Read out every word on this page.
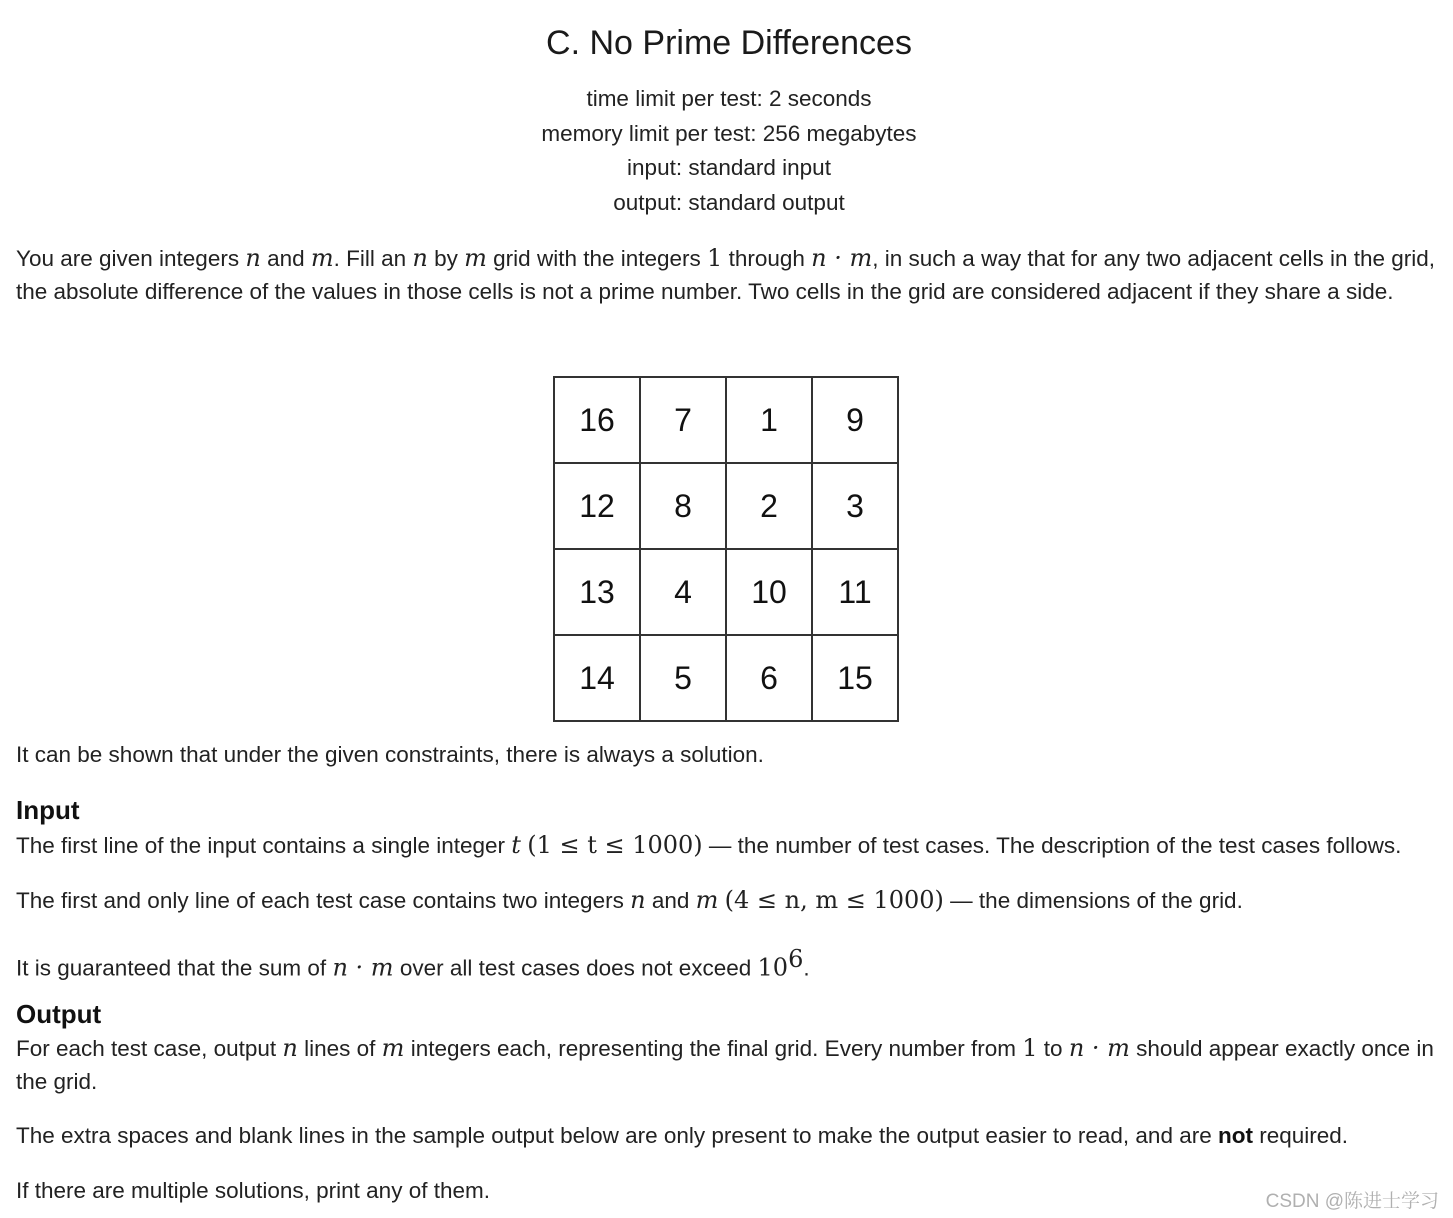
C. No Prime Differences
time limit per test: 2 seconds
memory limit per test: 256 megabytes
input: standard input
output: standard output
You are given integers n and m. Fill an n by m grid with the integers 1 through n · m, in such a way that for any two adjacent cells in the grid, the absolute difference of the values in those cells is not a prime number. Two cells in the grid are considered adjacent if they share a side.
16	7	1	9
12	8	2	3
13	4	10	11
14	5	6	15
It can be shown that under the given constraints, there is always a solution.
Input
The first line of the input contains a single integer t (1 ≤ t ≤ 1000) — the number of test cases. The description of the test cases follows.
The first and only line of each test case contains two integers n and m (4 ≤ n, m ≤ 1000) — the dimensions of the grid.
It is guaranteed that the sum of n · m over all test cases does not exceed $10^6$.
Output
For each test case, output n lines of m integers each, representing the final grid. Every number from 1 to n · m should appear exactly once in the grid.
The extra spaces and blank lines in the sample output below are only present to make the output easier to read, and are not required.
If there are multiple solutions, print any of them.	CSDN @陈进士学习
